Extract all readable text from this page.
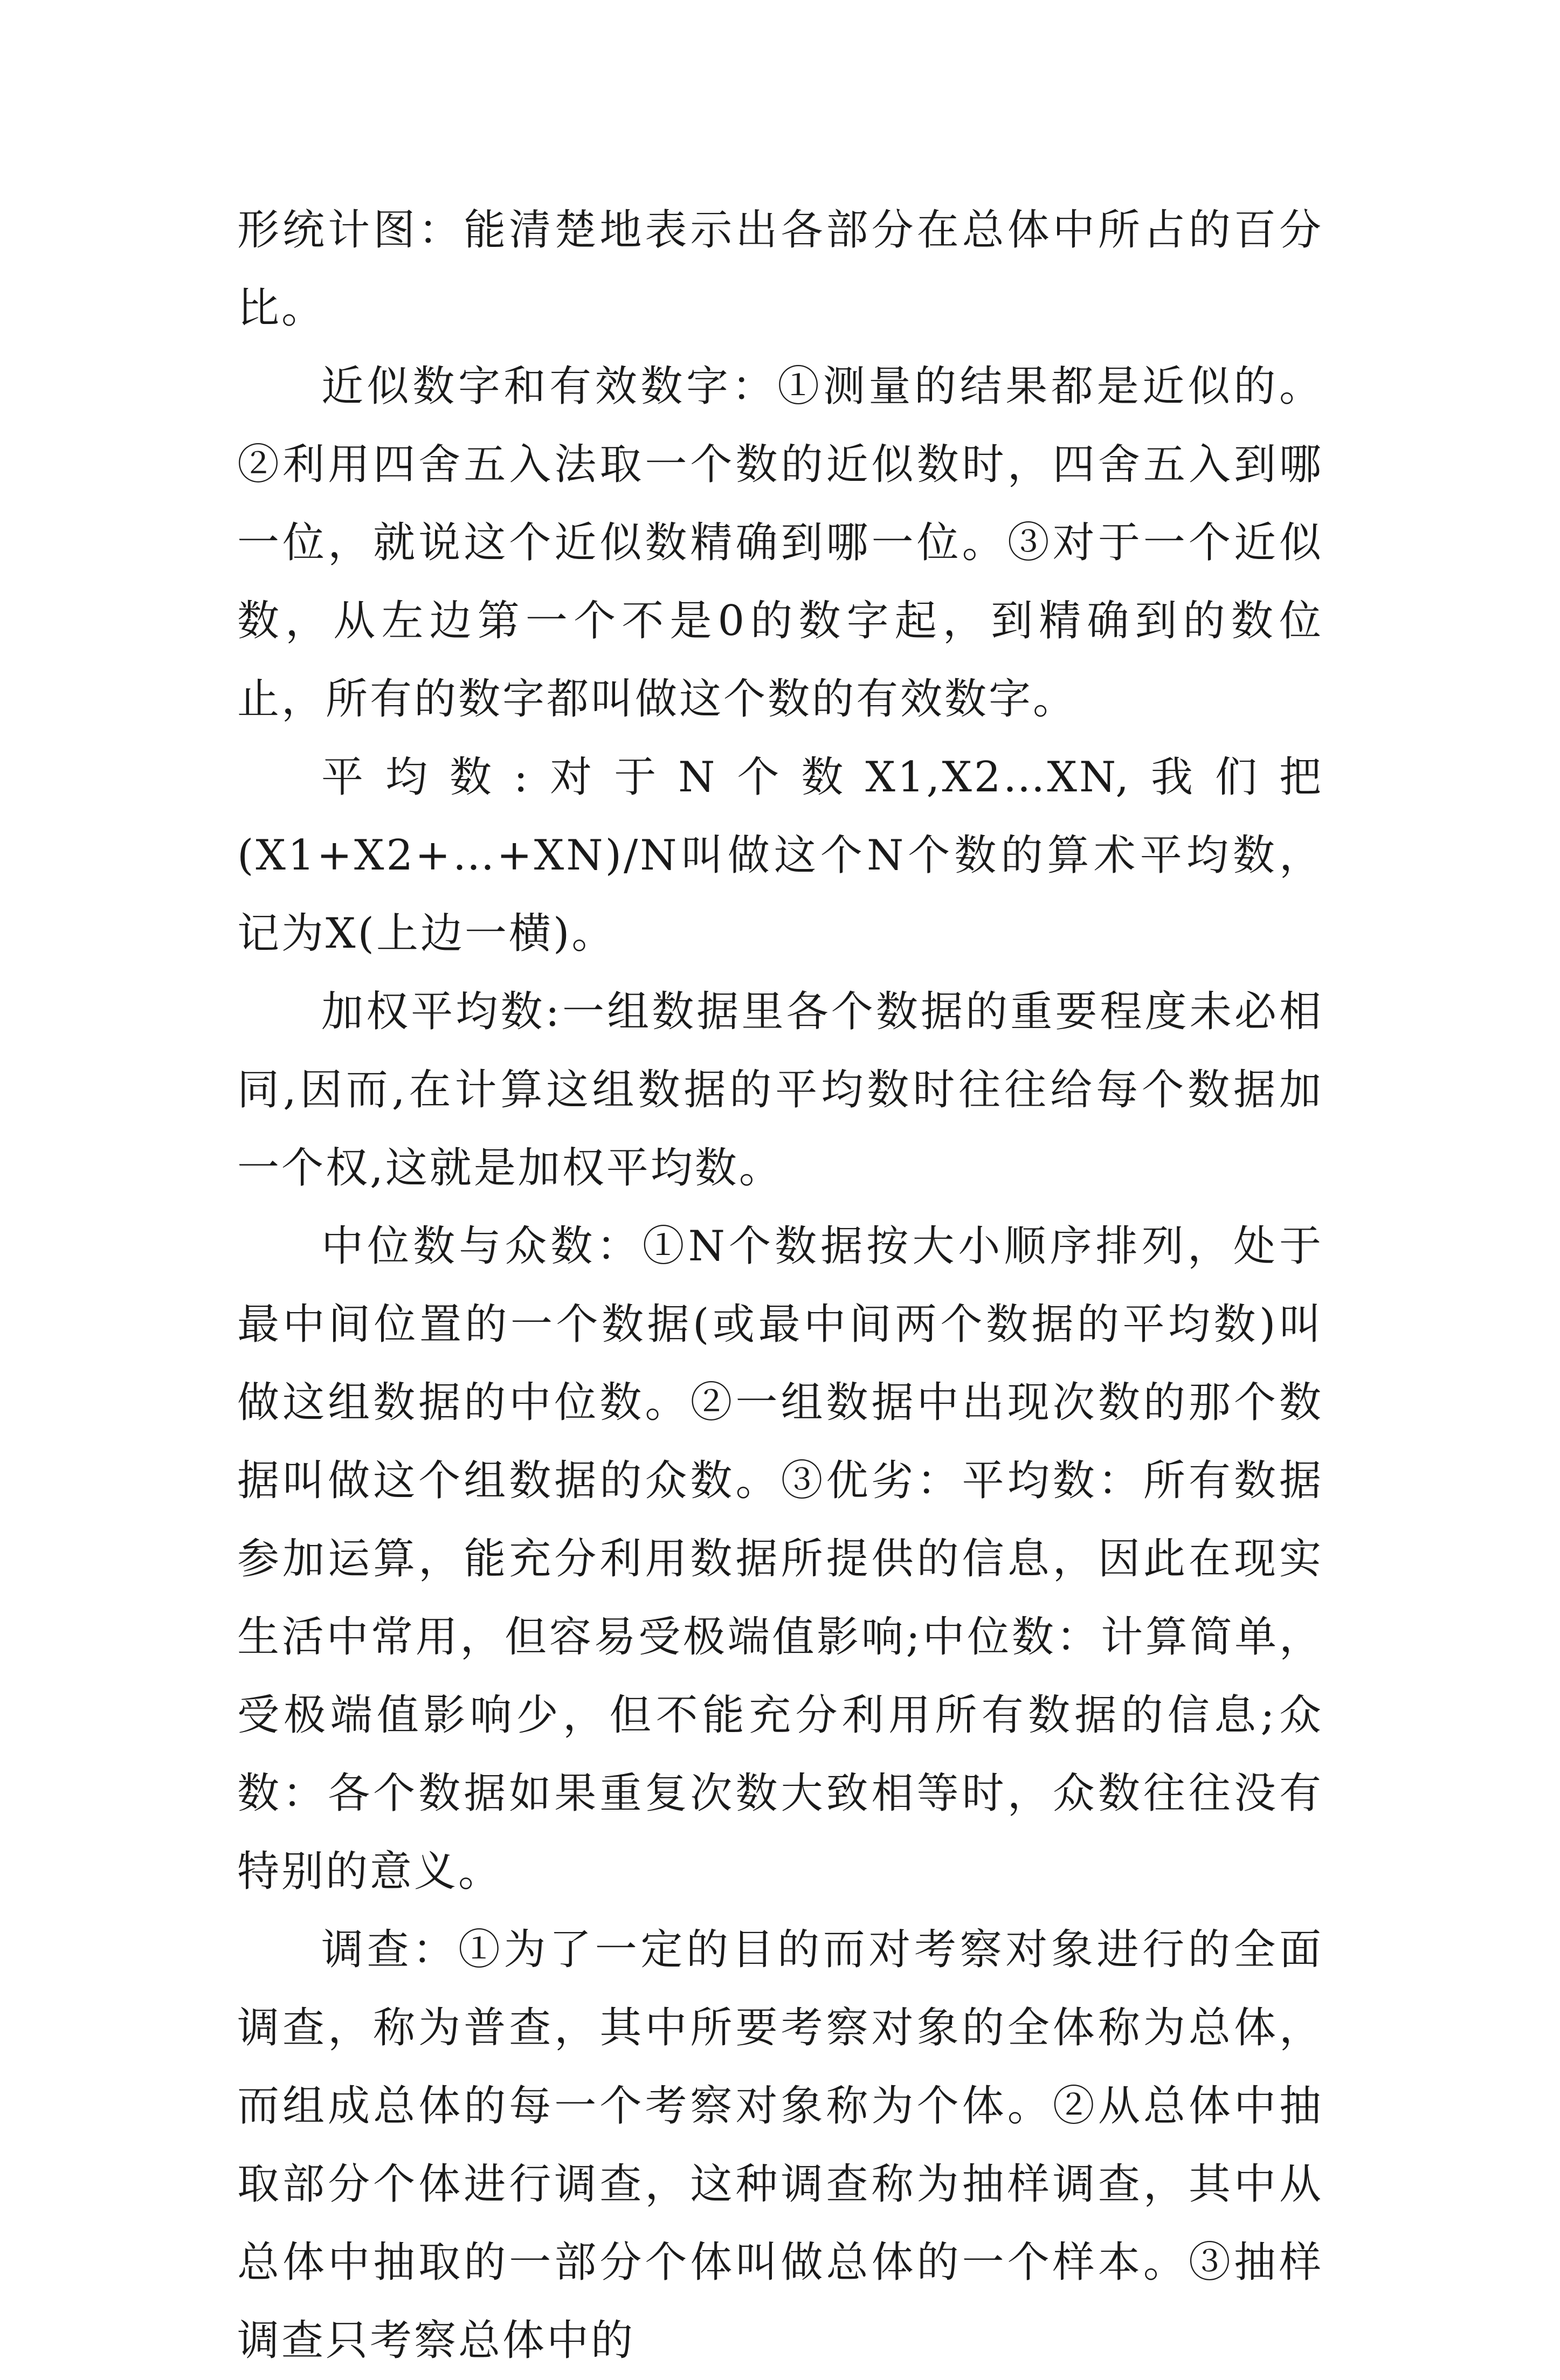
形统计图：能清楚地表示出各部分在总体中所占的百分比。

近似数字和有效数字：①测量的结果都是近似的。②利用四舍五入法取一个数的近似数时，四舍五入到哪一位，就说这个近似数精确到哪一位。③对于一个近似数，从左边第一个不是0的数字起，到精确到的数位止，所有的数字都叫做这个数的有效数字。

平均数:对于N个数X1,X2…XN,我们把(X1+X2+…+XN)/N叫做这个N个数的算术平均数，记为X(上边一横)。

加权平均数:一组数据里各个数据的重要程度未必相同,因而,在计算这组数据的平均数时往往给每个数据加一个权,这就是加权平均数。

中位数与众数：①N个数据按大小顺序排列，处于最中间位置的一个数据(或最中间两个数据的平均数)叫做这组数据的中位数。②一组数据中出现次数的那个数据叫做这个组数据的众数。③优劣：平均数：所有数据参加运算，能充分利用数据所提供的信息，因此在现实生活中常用，但容易受极端值影响;中位数：计算简单，受极端值影响少，但不能充分利用所有数据的信息;众数：各个数据如果重复次数大致相等时，众数往往没有特别的意义。

调查：①为了一定的目的而对考察对象进行的全面调查，称为普查，其中所要考察对象的全体称为总体，而组成总体的每一个考察对象称为个体。②从总体中抽取部分个体进行调查，这种调查称为抽样调查，其中从总体中抽取的一部分个体叫做总体的一个样本。③抽样调查只考察总体中的
